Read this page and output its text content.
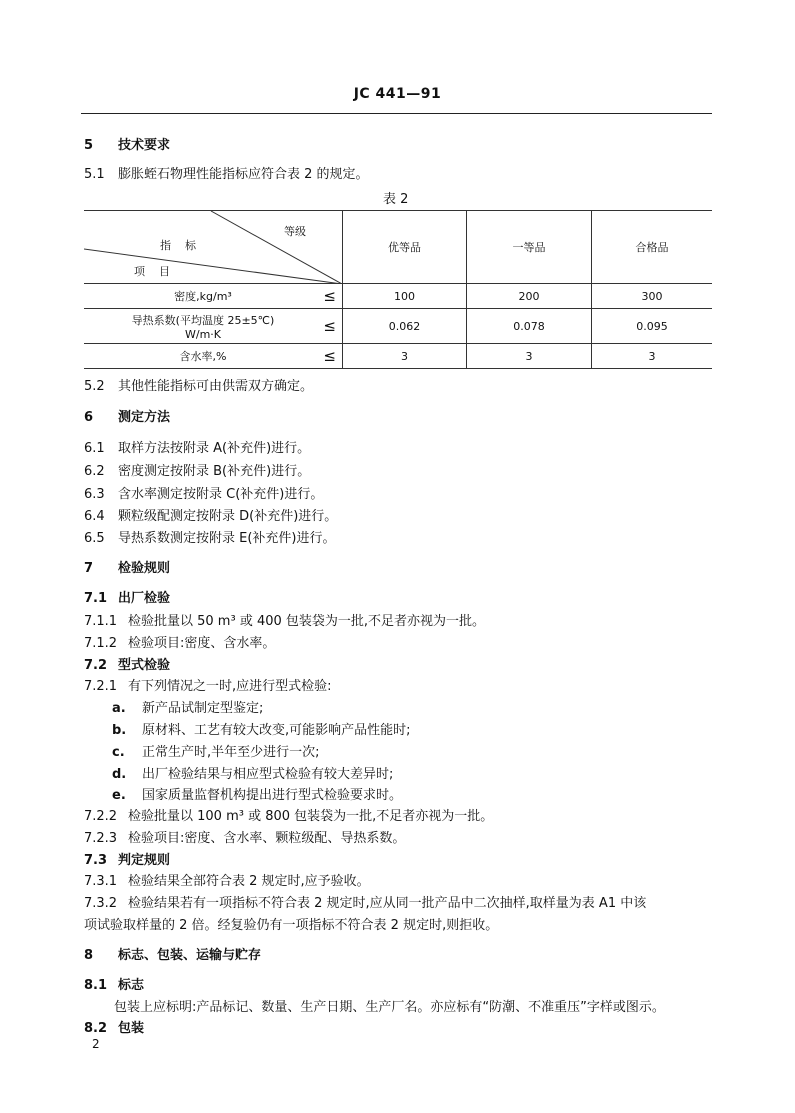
JC 441—91
5 技术要求
5.1 膨胀蛭石物理性能指标应符合表 2 的规定。
表 2
等级
指标
项目	优等品	一等品	合格品

密度,kg/m³ ≤	100	200	300

导热系数(平均温度 25±5℃)
W/m·K ≤	0.062	0.078	0.095

含水率,% ≤	3	3	3
5.2 其他性能指标可由供需双方确定。
6 测定方法
6.1 取样方法按附录 A(补充件)进行。
6.2 密度测定按附录 B(补充件)进行。
6.3 含水率测定按附录 C(补充件)进行。
6.4 颗粒级配测定按附录 D(补充件)进行。
6.5 导热系数测定按附录 E(补充件)进行。
7 检验规则
7.1 出厂检验
7.1.1 检验批量以 50 m³ 或 400 包装袋为一批,不足者亦视为一批。
7.1.2 检验项目:密度、含水率。
7.2 型式检验
7.2.1 有下列情况之一时,应进行型式检验:
a. 新产品试制定型鉴定;
b. 原材料、工艺有较大改变,可能影响产品性能时;
c. 正常生产时,半年至少进行一次;
d. 出厂检验结果与相应型式检验有较大差异时;
e. 国家质量监督机构提出进行型式检验要求时。
7.2.2 检验批量以 100 m³ 或 800 包装袋为一批,不足者亦视为一批。
7.2.3 检验项目:密度、含水率、颗粒级配、导热系数。
7.3 判定规则
7.3.1 检验结果全部符合表 2 规定时,应予验收。
7.3.2 检验结果若有一项指标不符合表 2 规定时,应从同一批产品中二次抽样,取样量为表 A1 中该
项试验取样量的 2 倍。经复验仍有一项指标不符合表 2 规定时,则拒收。
8 标志、包装、运输与贮存
8.1 标志
包装上应标明:产品标记、数量、生产日期、生产厂名。亦应标有“防潮、不准重压”字样或图示。
8.2 包装
2
